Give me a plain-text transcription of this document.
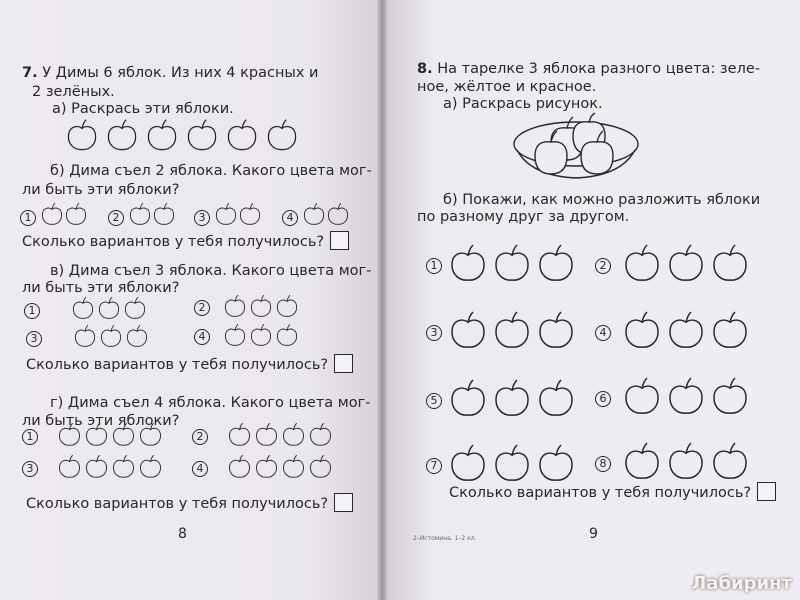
7. У Димы 6 яблок. Из них 4 красных и
2 зелёных.
а) Раскрась эти яблоки.
б) Дима съел 2 яблока. Какого цвета мог-
ли быть эти яблоки?
1	2	3	4
Сколько вариантов у тебя получилось?
в) Дима съел 3 яблока. Какого цвета мог-
ли быть эти яблоки?
1	2
3	4
Сколько вариантов у тебя получилось?
г) Дима съел 4 яблока. Какого цвета мог-
ли быть эти яблоки?
1	2
3	4
Сколько вариантов у тебя получилось?
8
8. На тарелке 3 яблока разного цвета: зеле-
ное, жёлтое и красное.
а) Раскрась рисунок.
б) Покажи, как можно разложить яблоки
по разному друг за другом.
1	2
3	4
5	6
7	8
Сколько вариантов у тебя получилось?
2–Истомина. 1–2 кл.	9
Лабиринт
